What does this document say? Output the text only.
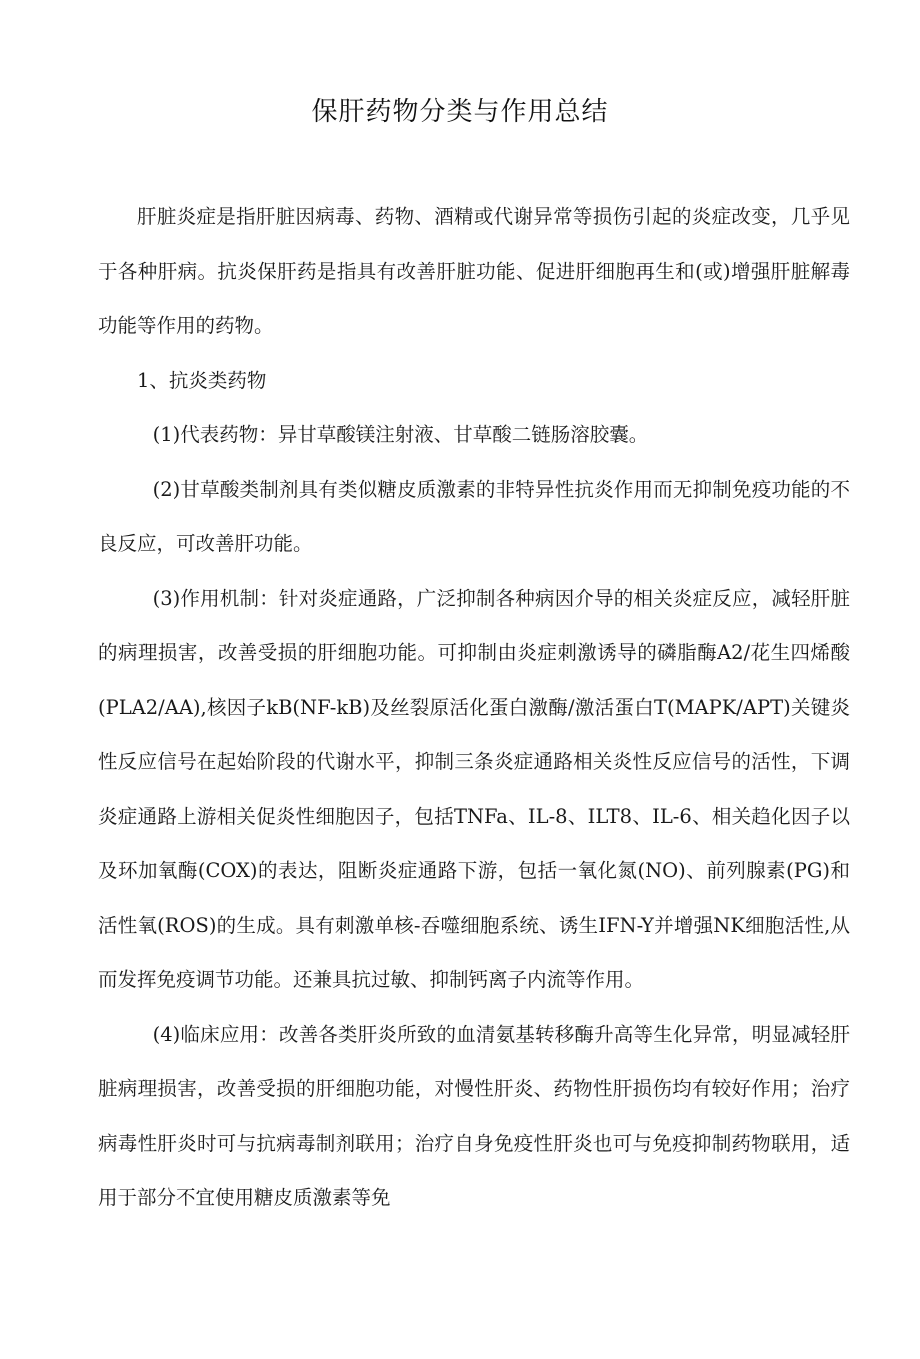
保肝药物分类与作用总结

肝脏炎症是指肝脏因病毒、药物、酒精或代谢异常等损伤引起的炎症改变，几乎见于各种肝病。抗炎保肝药是指具有改善肝脏功能、促进肝细胞再生和(或)增强肝脏解毒功能等作用的药物。

1、抗炎类药物

(1)代表药物：异甘草酸镁注射液、甘草酸二链肠溶胶囊。

(2)甘草酸类制剂具有类似糖皮质激素的非特异性抗炎作用而无抑制免疫功能的不良反应，可改善肝功能。

(3)作用机制：针对炎症通路，广泛抑制各种病因介导的相关炎症反应，减轻肝脏的病理损害，改善受损的肝细胞功能。可抑制由炎症刺激诱导的磷脂酶A2/花生四烯酸(PLA2/AA),核因子kB(NF-kB)及丝裂原活化蛋白激酶/激活蛋白T(MAPK/APT)关键炎性反应信号在起始阶段的代谢水平，抑制三条炎症通路相关炎性反应信号的活性，下调炎症通路上游相关促炎性细胞因子，包括TNFa、IL-8、ILT8、IL-6、相关趋化因子以及环加氧酶(COX)的表达，阻断炎症通路下游，包括一氧化氮(NO)、前列腺素(PG)和活性氧(ROS)的生成。具有刺激单核-吞噬细胞系统、诱生IFN-Y并增强NK细胞活性,从而发挥免疫调节功能。还兼具抗过敏、抑制钙离子内流等作用。

(4)临床应用：改善各类肝炎所致的血清氨基转移酶升高等生化异常，明显减轻肝脏病理损害，改善受损的肝细胞功能，对慢性肝炎、药物性肝损伤均有较好作用；治疗病毒性肝炎时可与抗病毒制剂联用；治疗自身免疫性肝炎也可与免疫抑制药物联用，适用于部分不宜使用糖皮质激素等免
